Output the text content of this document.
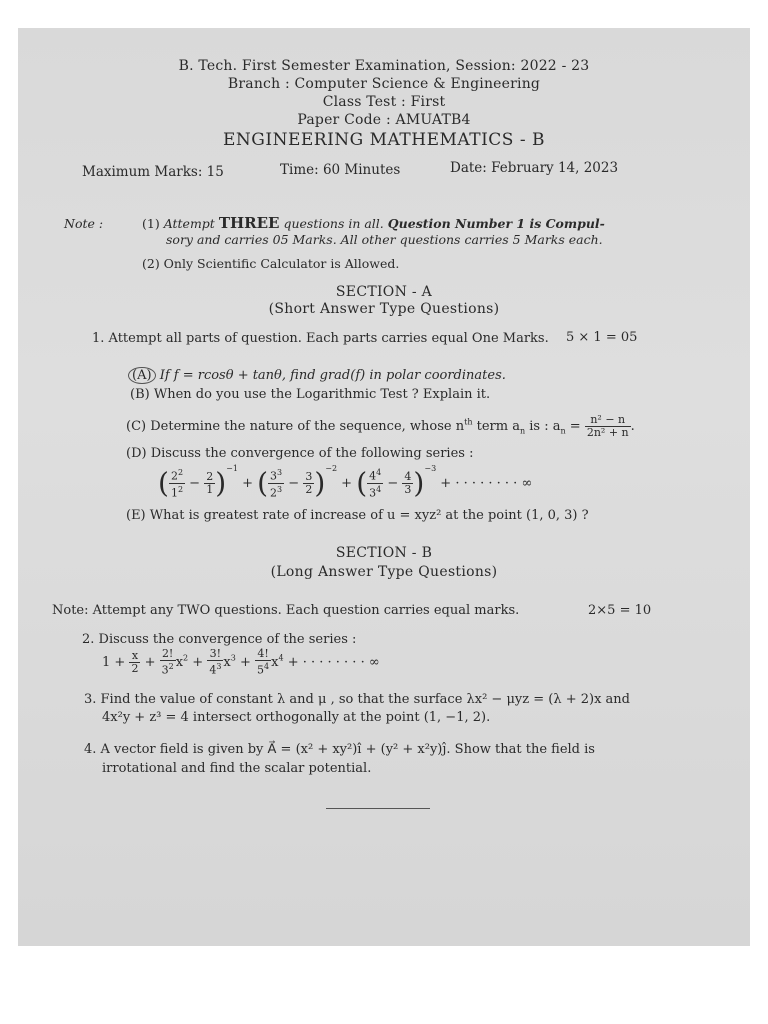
B. Tech. First Semester Examination, Session: 2022 - 23
Branch : Computer Science & Engineering
Class Test : First
Paper Code : AMUATB4
ENGINEERING MATHEMATICS - B
Maximum Marks: 15	Time: 60 Minutes	Date: February 14, 2023
Note :	(1) Attempt THREE questions in all. Question Number 1 is Compul-
sory and carries 05 Marks. All other questions carries 5 Marks each.
(2) Only Scientific Calculator is Allowed.
SECTION - A
(Short Answer Type Questions)
1. Attempt all parts of question. Each parts carries equal One Marks. 5 × 1 = 05
(A) If f = rcosθ + tanθ, find grad(f) in polar coordinates.
(B) When do you use the Logarithmic Test ? Explain it.
(C) Determine the nature of the sequence, whose $n^{th}$ term $a_n$ is : $a_n = \frac{\text{n² − n}}{\text{2n² + n}}$ .
(D) Discuss the convergence of the following series :
( $\frac{2^2}{1^2} - \frac{2}{1} )^{-1}$ + ( $\frac{3^3}{2^3} - \frac{3}{2} )^{-2}$ + ( $\frac{4^4}{3^4} - \frac{4}{3} )^{-3}$ + · · · · · · · · ∞
(E) What is greatest rate of increase of u = xyz² at the point (1, 0, 3) ?
SECTION - B
(Long Answer Type Questions)
Note: Attempt any TWO questions. Each question carries equal marks.	2×5 = 10
2. Discuss the convergence of the series :
$1 + \frac{x}{2} + \frac{2!}{3^2} x^2 + \frac{3!}{4^3} x^3 + \frac{4!}{5^4} x^4$ + · · · · · · · · ∞
3. Find the value of constant λ and μ , so that the surface λx² − μyz = (λ + 2)x and
4x²y + z³ = 4 intersect orthogonally at the point (1, −1, 2).
4. A vector field is given by A⃗ = (x² + xy²)î + (y² + x²y)ĵ. Show that the field is
irrotational and find the scalar potential.
